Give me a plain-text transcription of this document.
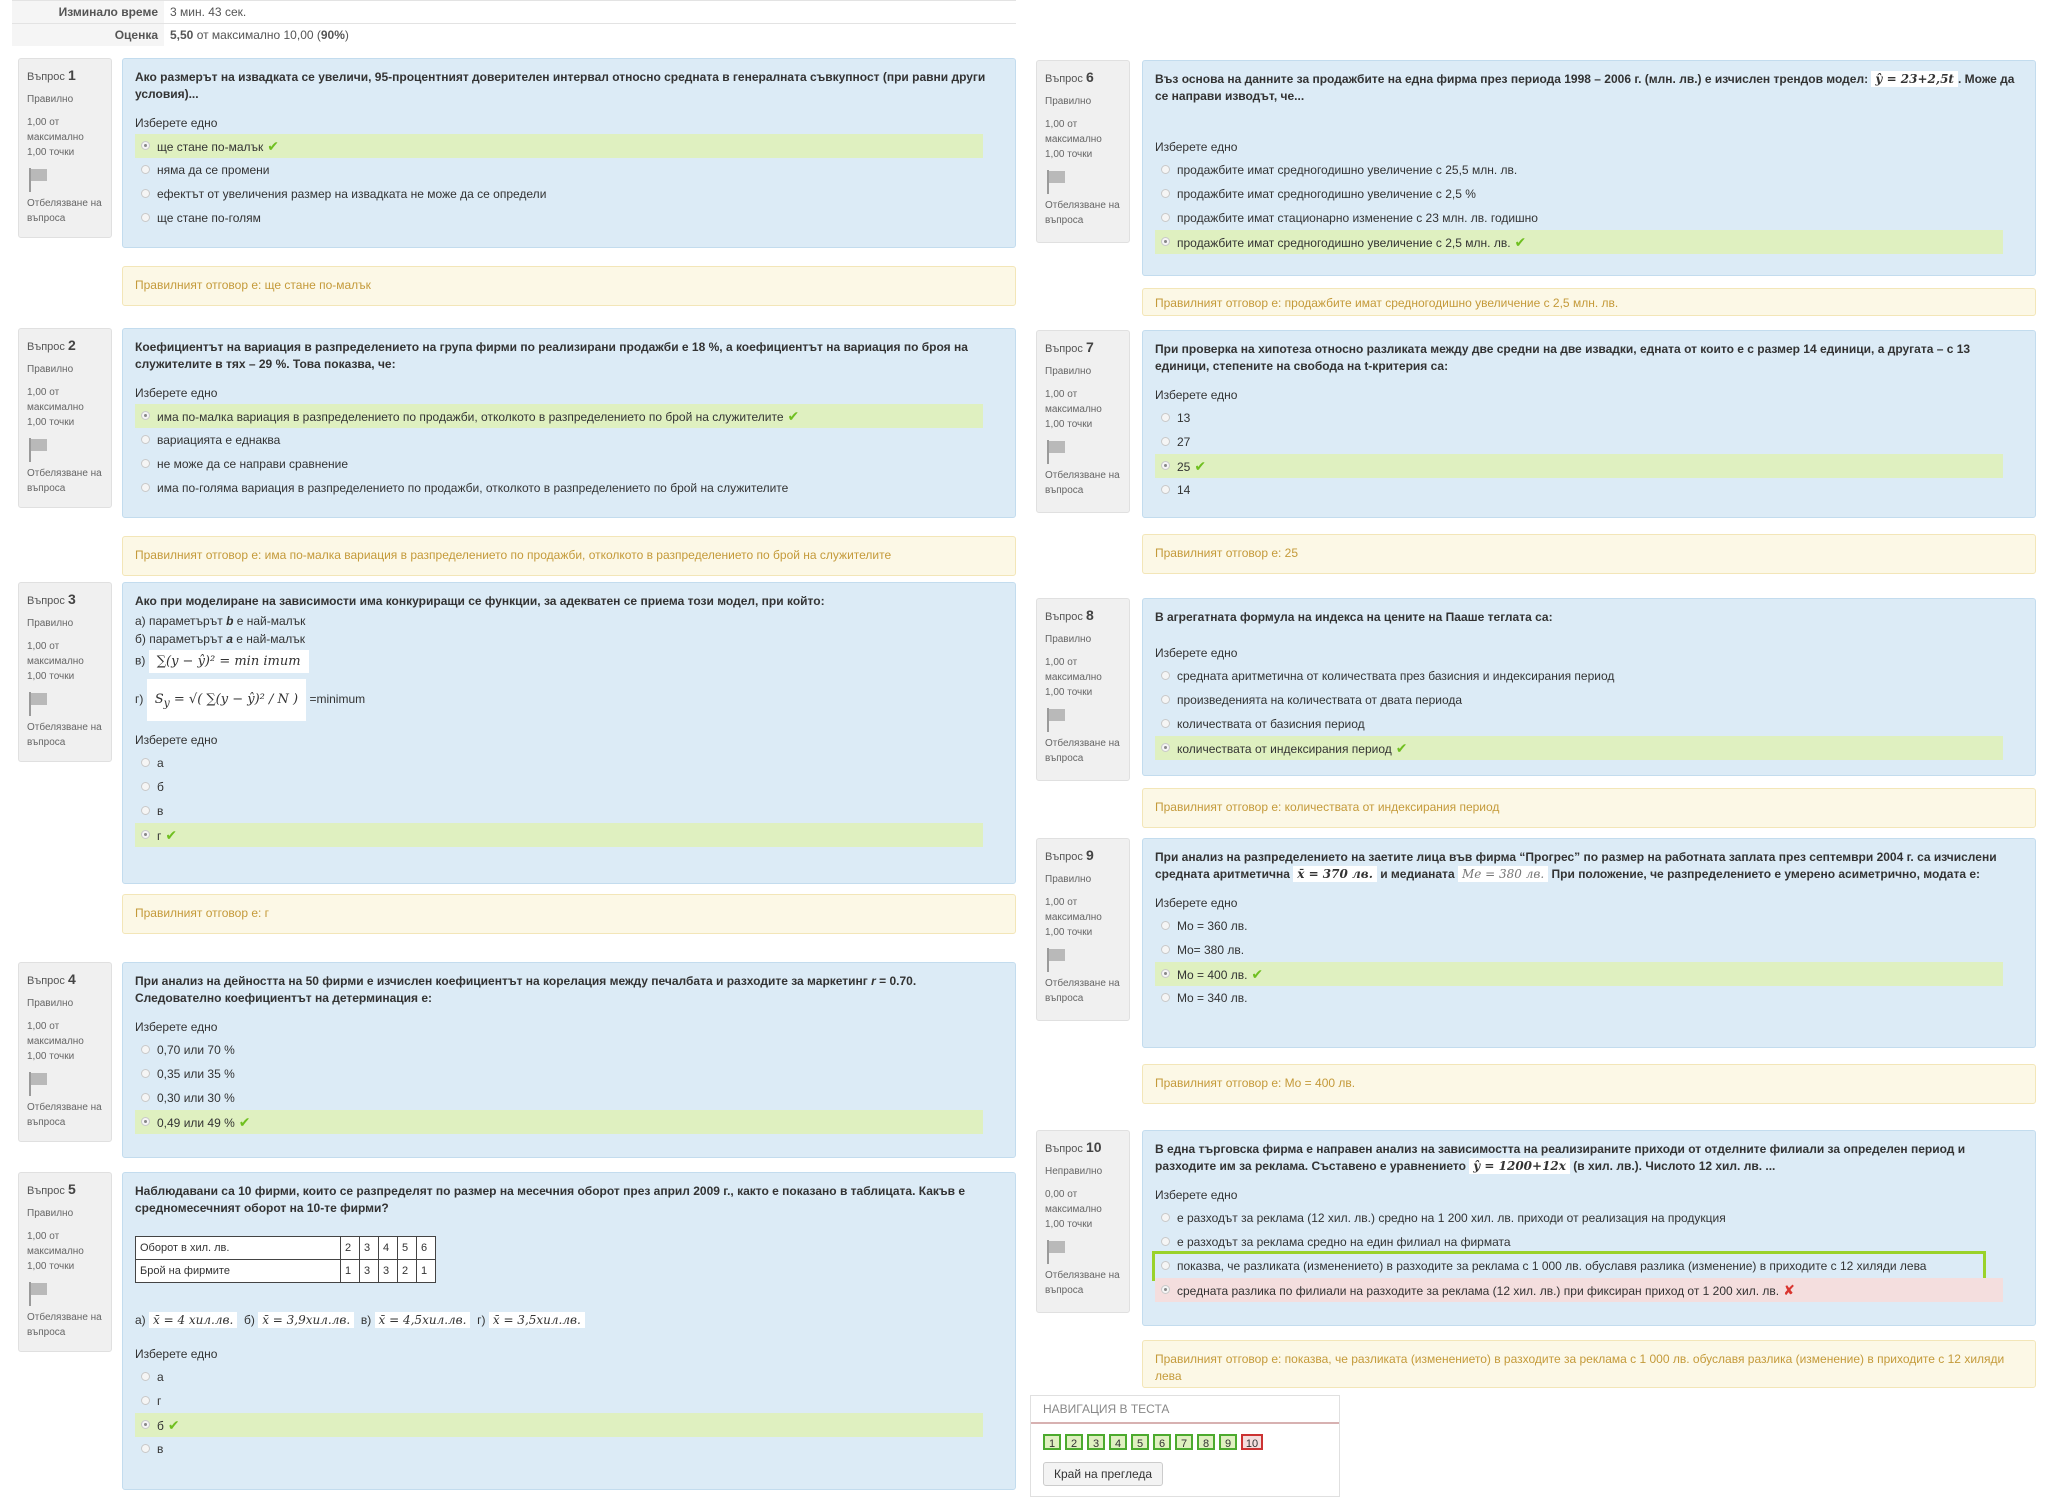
Изминало време	3 мин. 43 сек.
Оценка	5,50 от максимално 10,00 (90%)
Въпрос 1
Правилно
1,00 от максимално 1,00 точки
Отбелязване на въпроса
Ако размерът на извадката се увеличи, 95-процентният доверителен интервал относно средната в генералната съвкупност (при равни други условия)...
Изберете едно
ще стане по-малък ✔
няма да се промени
ефектът от увеличения размер на извадката не може да се определи
ще стане по-голям
Правилният отговор е: ще стане по-малък
Въпрос 2
Правилно
1,00 от максимално 1,00 точки
Отбелязване на въпроса
Коефициентът на вариация в разпределението на група фирми по реализирани продажби е 18 %, а коефициентът на вариация по броя на служителите в тях – 29 %. Това показва, че:
Изберете едно
има по-малка вариация в разпределението по продажби, отколкото в разпределението по брой на служителите ✔
вариацията е еднаква
не може да се направи сравнение
има по-голяма вариация в разпределението по продажби, отколкото в разпределението по брой на служителите
Правилният отговор е: има по-малка вариация в разпределението по продажби, отколкото в разпределението по брой на служителите
Въпрос 3
Правилно
1,00 от максимално 1,00 точки
Отбелязване на въпроса
Ако при моделиране на зависимости има конкуриращи се функции, за адекватен се приема този модел, при който:
а) параметърът b е най-малък
б) параметърът a е най-малък
в) ∑(y − ŷ)² = min imum
г) $S_y$ = √( ∑(y − ŷ)² / N ) =minimum
Изберете едно
а
б
в
г ✔
Правилният отговор е: г
Въпрос 4
Правилно
1,00 от максимално 1,00 точки
Отбелязване на въпроса
При анализ на дейността на 50 фирми е изчислен коефициентът на корелация между печалбата и разходите за маркетинг r = 0.70. Следователно коефициентът на детерминация е:
Изберете едно
0,70 или 70 %
0,35 или 35 %
0,30 или 30 %
0,49 или 49 % ✔
Въпрос 5
Правилно
1,00 от максимално 1,00 точки
Отбелязване на въпроса
Наблюдавани са 10 фирми, които се разпределят по размер на месечния оборот през април 2009 г., както е показано в таблицата. Какъв е средномесечният оборот на 10-те фирми?
Оборот в хил. лв.	2	3	4	5	6
Брой на фирмите	1	3	3	2	1
а) x̄ = 4 хил.лв. б) x̄ = 3,9хил.лв. в) x̄ = 4,5хил.лв. г) x̄ = 3,5хил.лв.
Изберете едно
а
г
б ✔
в
Въпрос 6
Правилно
1,00 от максимално 1,00 точки
Отбелязване на въпроса
Въз основа на данните за продажбите на една фирма през периода 1998 – 2006 г. (млн. лв.) е изчислен трендов модел: ŷ = 23+2,5t . Може да се направи изводът, че...
Изберете едно
продажбите имат средногодишно увеличение с 25,5 млн. лв.
продажбите имат средногодишно увеличение с 2,5 %
продажбите имат стационарно изменение с 23 млн. лв. годишно
продажбите имат средногодишно увеличение с 2,5 млн. лв. ✔
Правилният отговор е: продажбите имат средногодишно увеличение с 2,5 млн. лв.
Въпрос 7
Правилно
1,00 от максимално 1,00 точки
Отбелязване на въпроса
При проверка на хипотеза относно разликата между две средни на две извадки, едната от които е с размер 14 единици, а другата – с 13 единици, степените на свобода на t-критерия са:
Изберете едно
13
27
25 ✔
14
Правилният отговор е: 25
Въпрос 8
Правилно
1,00 от максимално 1,00 точки
Отбелязване на въпроса
В агрегатната формула на индекса на цените на Пааше теглата са:
Изберете едно
средната аритметична от количествата през базисния и индексирания период
произведенията на количествата от двата периода
количествата от базисния период
количествата от индексирания период ✔
Правилният отговор е: количествата от индексирания период
Въпрос 9
Правилно
1,00 от максимално 1,00 точки
Отбелязване на въпроса
При анализ на разпределението на заетите лица във фирма “Прогрес” по размер на работната заплата през септември 2004 г. са изчислени средната аритметична x̄ = 370 лв. и медианата Me = 380 лв. При положение, че разпределението е умерено асиметрично, модата е:
Изберете едно
Mo = 360 лв.
Mo= 380 лв.
Mo = 400 лв. ✔
Mo = 340 лв.
Правилният отговор е: Mo = 400 лв.
Въпрос 10
Неправилно
0,00 от максимално 1,00 точки
Отбелязване на въпроса
В една търговска фирма е направен анализ на зависимостта на реализираните приходи от отделните филиали за определен период и разходите им за реклама. Съставено е уравнението ŷ = 1200+12x (в хил. лв.). Числото 12 хил. лв. ...
Изберете едно
е разходът за реклама (12 хил. лв.) средно на 1 200 хил. лв. приходи от реализация на продукция
е разходът за реклама средно на един филиал на фирмата
показва, че разликата (изменението) в разходите за реклама с 1 000 лв. обуславя разлика (изменение) в приходите с 12 хиляди лева
средната разлика по филиали на разходите за реклама (12 хил. лв.) при фиксиран приход от 1 200 хил. лв. ✘
Правилният отговор е: показва, че разликата (изменението) в разходите за реклама с 1 000 лв. обуславя разлика (изменение) в приходите с 12 хиляди лева
НАВИГАЦИЯ В ТЕСТА
1 2 3 4 5 6 7 8 9 10
Край на прегледа
